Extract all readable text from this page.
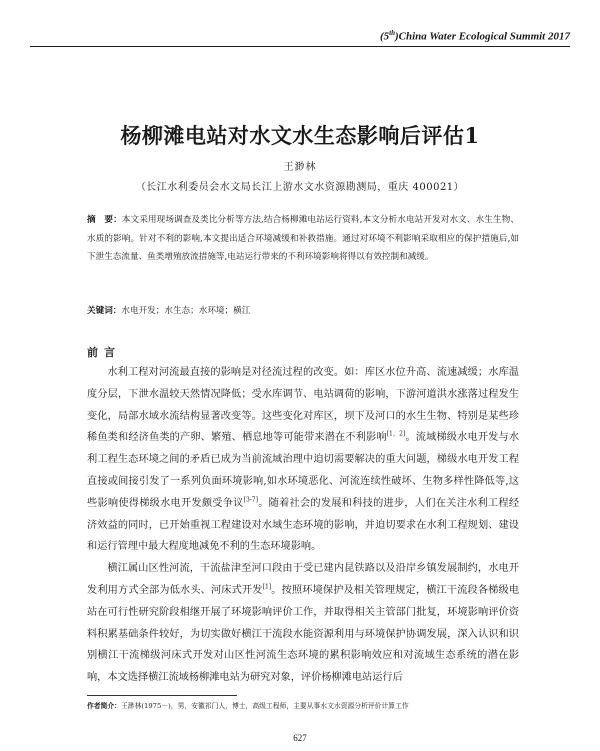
(5th)China Water Ecological Summit 2017
杨柳滩电站对水文水生态影响后评估1
王渺林
（长江水利委员会水文局长江上游水文水资源勘测局，重庆 400021）
摘　要：本文采用现场调查及类比分析等方法,结合杨柳滩电站运行资料,本文分析水电站开发对水文、水生生物、水质的影响。针对不利的影响,本文提出适合环境减缓和补救措施。通过对环境不利影响采取相应的保护措施后,如下泄生态流量、鱼类增殖放流措施等,电站运行带来的不利环境影响将得以有效控制和减缓。
关键词：水电开发；水生态；水环境；横江
前言

水利工程对河流最直接的影响是对径流过程的改变。如：库区水位升高、流速减缓；水库温度分层，下泄水温较天然情况降低；受水库调节、电站调荷的影响，下游河道洪水涨落过程发生变化，局部水域水流结构显著改变等。这些变化对库区，坝下及河口的水生生物、特别是某些珍稀鱼类和经济鱼类的产卵、繁殖、栖息地等可能带来潜在不利影响[1，2]。流域梯级水电开发与水利工程生态环境之间的矛盾已成为当前流域治理中迫切需要解决的重大问题，梯级水电开发工程直接或间接引发了一系列负面环境影响,如水环境恶化、河流连续性破坏、生物多样性降低等,这些影响使得梯级水电开发颇受争议[3-7]。随着社会的发展和科技的进步，人们在关注水利工程经济效益的同时，已开始重视工程建设对水域生态环境的影响，并迫切要求在水利工程规划、建设和运行管理中最大程度地减免不利的生态环境影响。

横江属山区性河流，干流盐津至河口段由于受已建内昆铁路以及沿岸乡镇发展制约，水电开发利用方式全部为低水头、河床式开发[1]。按照环境保护及相关管理规定，横江干流段各梯级电站在可行性研究阶段相继开展了环境影响评价工作，并取得相关主管部门批复，环境影响评价资料积累基础条件较好，为切实做好横江干流段水能资源利用与环境保护协调发展，深入认识和识别横江干流梯级河床式开发对山区性河流生态环境的累积影响效应和对流域生态系统的潜在影响，本文选择横江流域杨柳滩电站为研究对象，评价杨柳滩电站运行后

作者简介：王渺林(1975－)，男，安徽祁门人，博士，高级工程师，主要从事水文水资源分析评价计算工作
627
